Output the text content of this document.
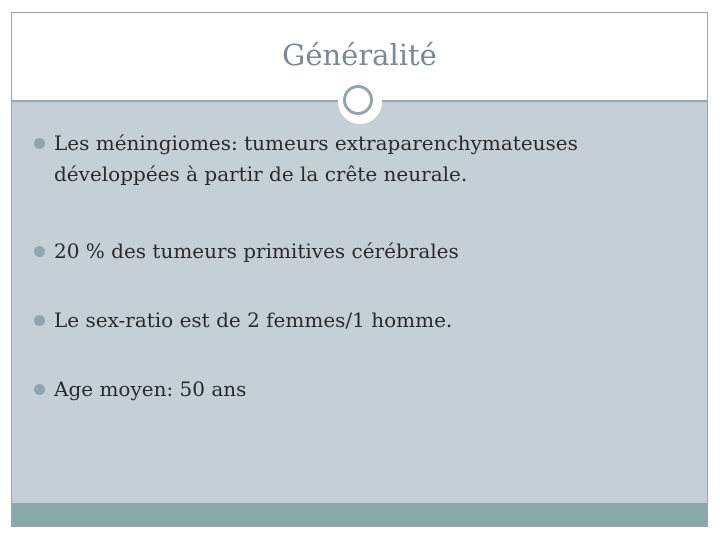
Généralité
Les méningiomes: tumeurs extraparenchymateuses développées à partir de la crête neurale.
20 % des tumeurs primitives cérébrales
Le sex-ratio est de 2 femmes/1 homme.
Age moyen: 50 ans
